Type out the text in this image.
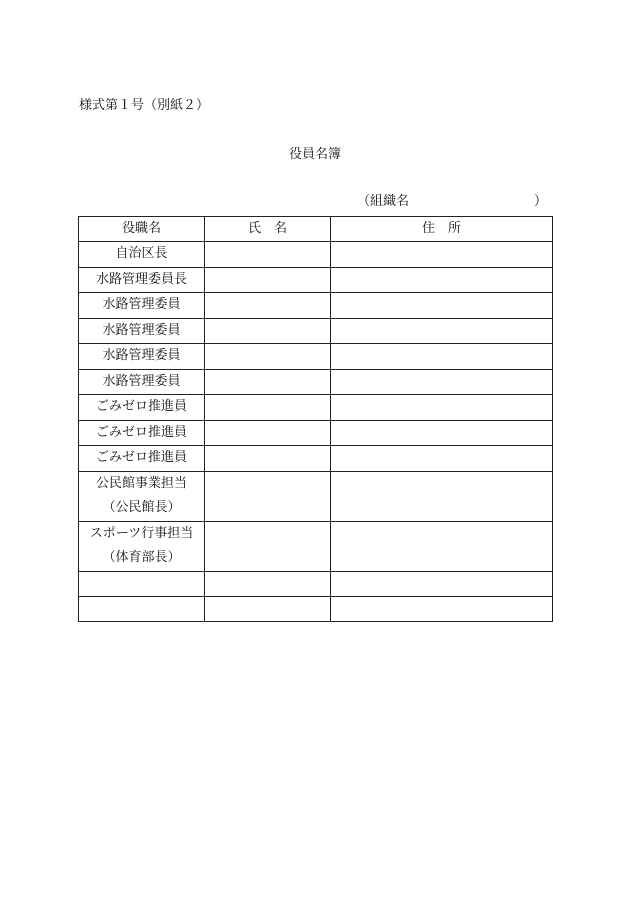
様式第１号（別紙２）
役員名簿
（組織名	）
役職名	氏　名	住　所

自治区長		

水路管理委員長		

水路管理委員		

水路管理委員		

水路管理委員		

水路管理委員		

ごみゼロ推進員		

ごみゼロ推進員		

ごみゼロ推進員		

公民館事業担当
（公民館長）		

スポーツ行事担当
（体育部長）		
